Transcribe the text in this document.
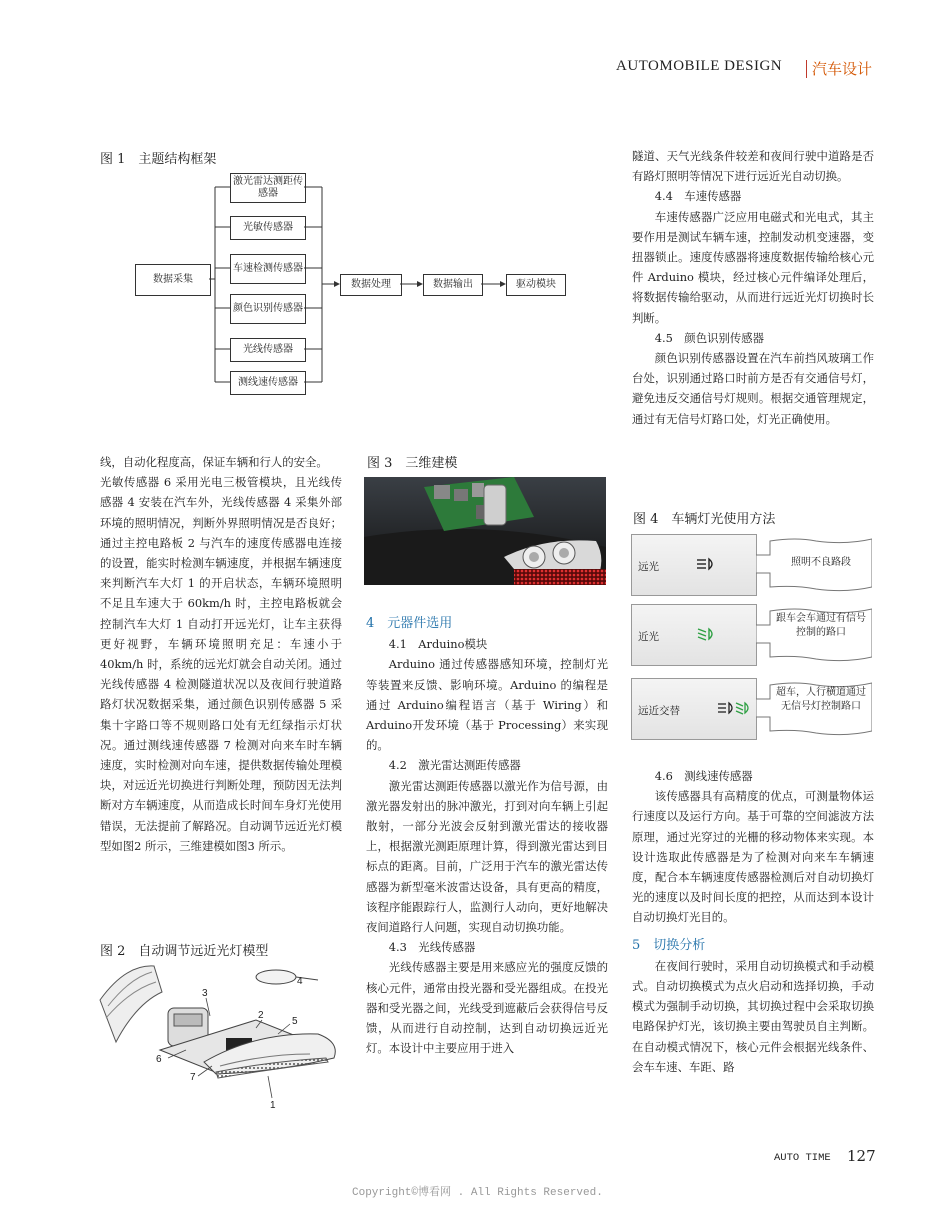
AUTOMOBILE DESIGN 汽车设计
图 1　主题结构框架
数据采集
激光雷达测距传感器
光敏传感器
车速检测传感器
颜色识别传感器
光线传感器
测线速传感器
数据处理	数据输出	驱动模块

线，自动化程度高，保证车辆和行人的安全。

光敏传感器 6 采用光电三极管模块，且光线传感器 4 安装在汽车外，光线传感器 4 采集外部环境的照明情况，判断外界照明情况是否良好；通过主控电路板 2 与汽车的速度传感器电连接的设置，能实时检测车辆速度，并根据车辆速度来判断汽车大灯 1 的开启状态，车辆环境照明不足且车速大于 60km/h 时，主控电路板就会控制汽车大灯 1 自动打开远光灯，让车主获得更好视野，车辆环境照明充足：车速小于 40km/h 时，系统的远光灯就会自动关闭。通过光线传感器 4 检测隧道状况以及夜间行驶道路路灯状况数据采集，通过颜色识别传感器 5 采集十字路口等不规则路口处有无红绿指示灯状况。通过测线速传感器 7 检测对向来车时车辆速度，实时检测对向车速，提供数据传输处理模块，对远近光切换进行判断处理，预防因无法判断对方车辆速度，从而造成长时间车身灯光使用错误，无法提前了解路况。自动调节远近光灯模型如图2 所示，三维建模如图3 所示。

图 2　自动调节远近光灯模型
4
3
2
5
6
7
1
图 3　三维建模

4　元器件选用

4.1　Arduino模块

Arduino 通过传感器感知环境，控制灯光等装置来反馈、影响环境。Arduino 的编程是通过 Arduino编程语言（基于 Wiring）和 Arduino开发环境（基于 Processing）来实现的。

4.2　激光雷达测距传感器

激光雷达测距传感器以激光作为信号源，由激光器发射出的脉冲激光，打到对向车辆上引起散射，一部分光波会反射到激光雷达的接收器上，根据激光测距原理计算，得到激光雷达到目标点的距离。目前，广泛用于汽车的激光雷达传感器为新型毫米波雷达设备，具有更高的精度，该程序能跟踪行人，监测行人动向，更好地解决夜间道路行人问题，实现自动切换功能。

4.3　光线传感器

光线传感器主要是用来感应光的强度反馈的核心元件，通常由投光器和受光器组成。在投光器和受光器之间，光线受到遮蔽后会获得信号反馈，从而进行自动控制，达到自动切换远近光灯。本设计中主要应用于进入

隧道、天气光线条件较差和夜间行驶中道路是否有路灯照明等情况下进行远近光自动切换。

4.4　车速传感器

车速传感器广泛应用电磁式和光电式，其主要作用是测试车辆车速，控制发动机变速器，变扭器锁止。速度传感器将速度数据传输给核心元件 Arduino 模块，经过核心元件编译处理后，将数据传输给驱动，从而进行远近光灯切换时长判断。

4.5　颜色识别传感器

颜色识别传感器设置在汽车前挡风玻璃工作台处，识别通过路口时前方是否有交通信号灯，避免违反交通信号灯规则。根据交通管理规定，通过有无信号灯路口处，灯光正确使用。

图 4　车辆灯光使用方法
远光
近光
远近交替
照明不良路段
跟车会车通过有信号控制的路口
超车，人行横道通过无信号灯控制路口

4.6　测线速传感器

该传感器具有高精度的优点，可测量物体运行速度以及运行方向。基于可靠的空间滤波方法原理，通过光穿过的光栅的移动物体来实现。本设计选取此传感器是为了检测对向来车车辆速度，配合本车辆速度传感器检测后对自动切换灯光的速度以及时间长度的把控，从而达到本设计自动切换灯光目的。

5　切换分析

在夜间行驶时，采用自动切换模式和手动模式。自动切换模式为点火启动和选择切换，手动模式为强制手动切换，其切换过程中会采取切换电路保护灯光，该切换主要由驾驶员自主判断。在自动模式情况下，核心元件会根据光线条件、会车车速、车距、路

AUTO TIME 127
Copyright©博看网 . All Rights Reserved.
